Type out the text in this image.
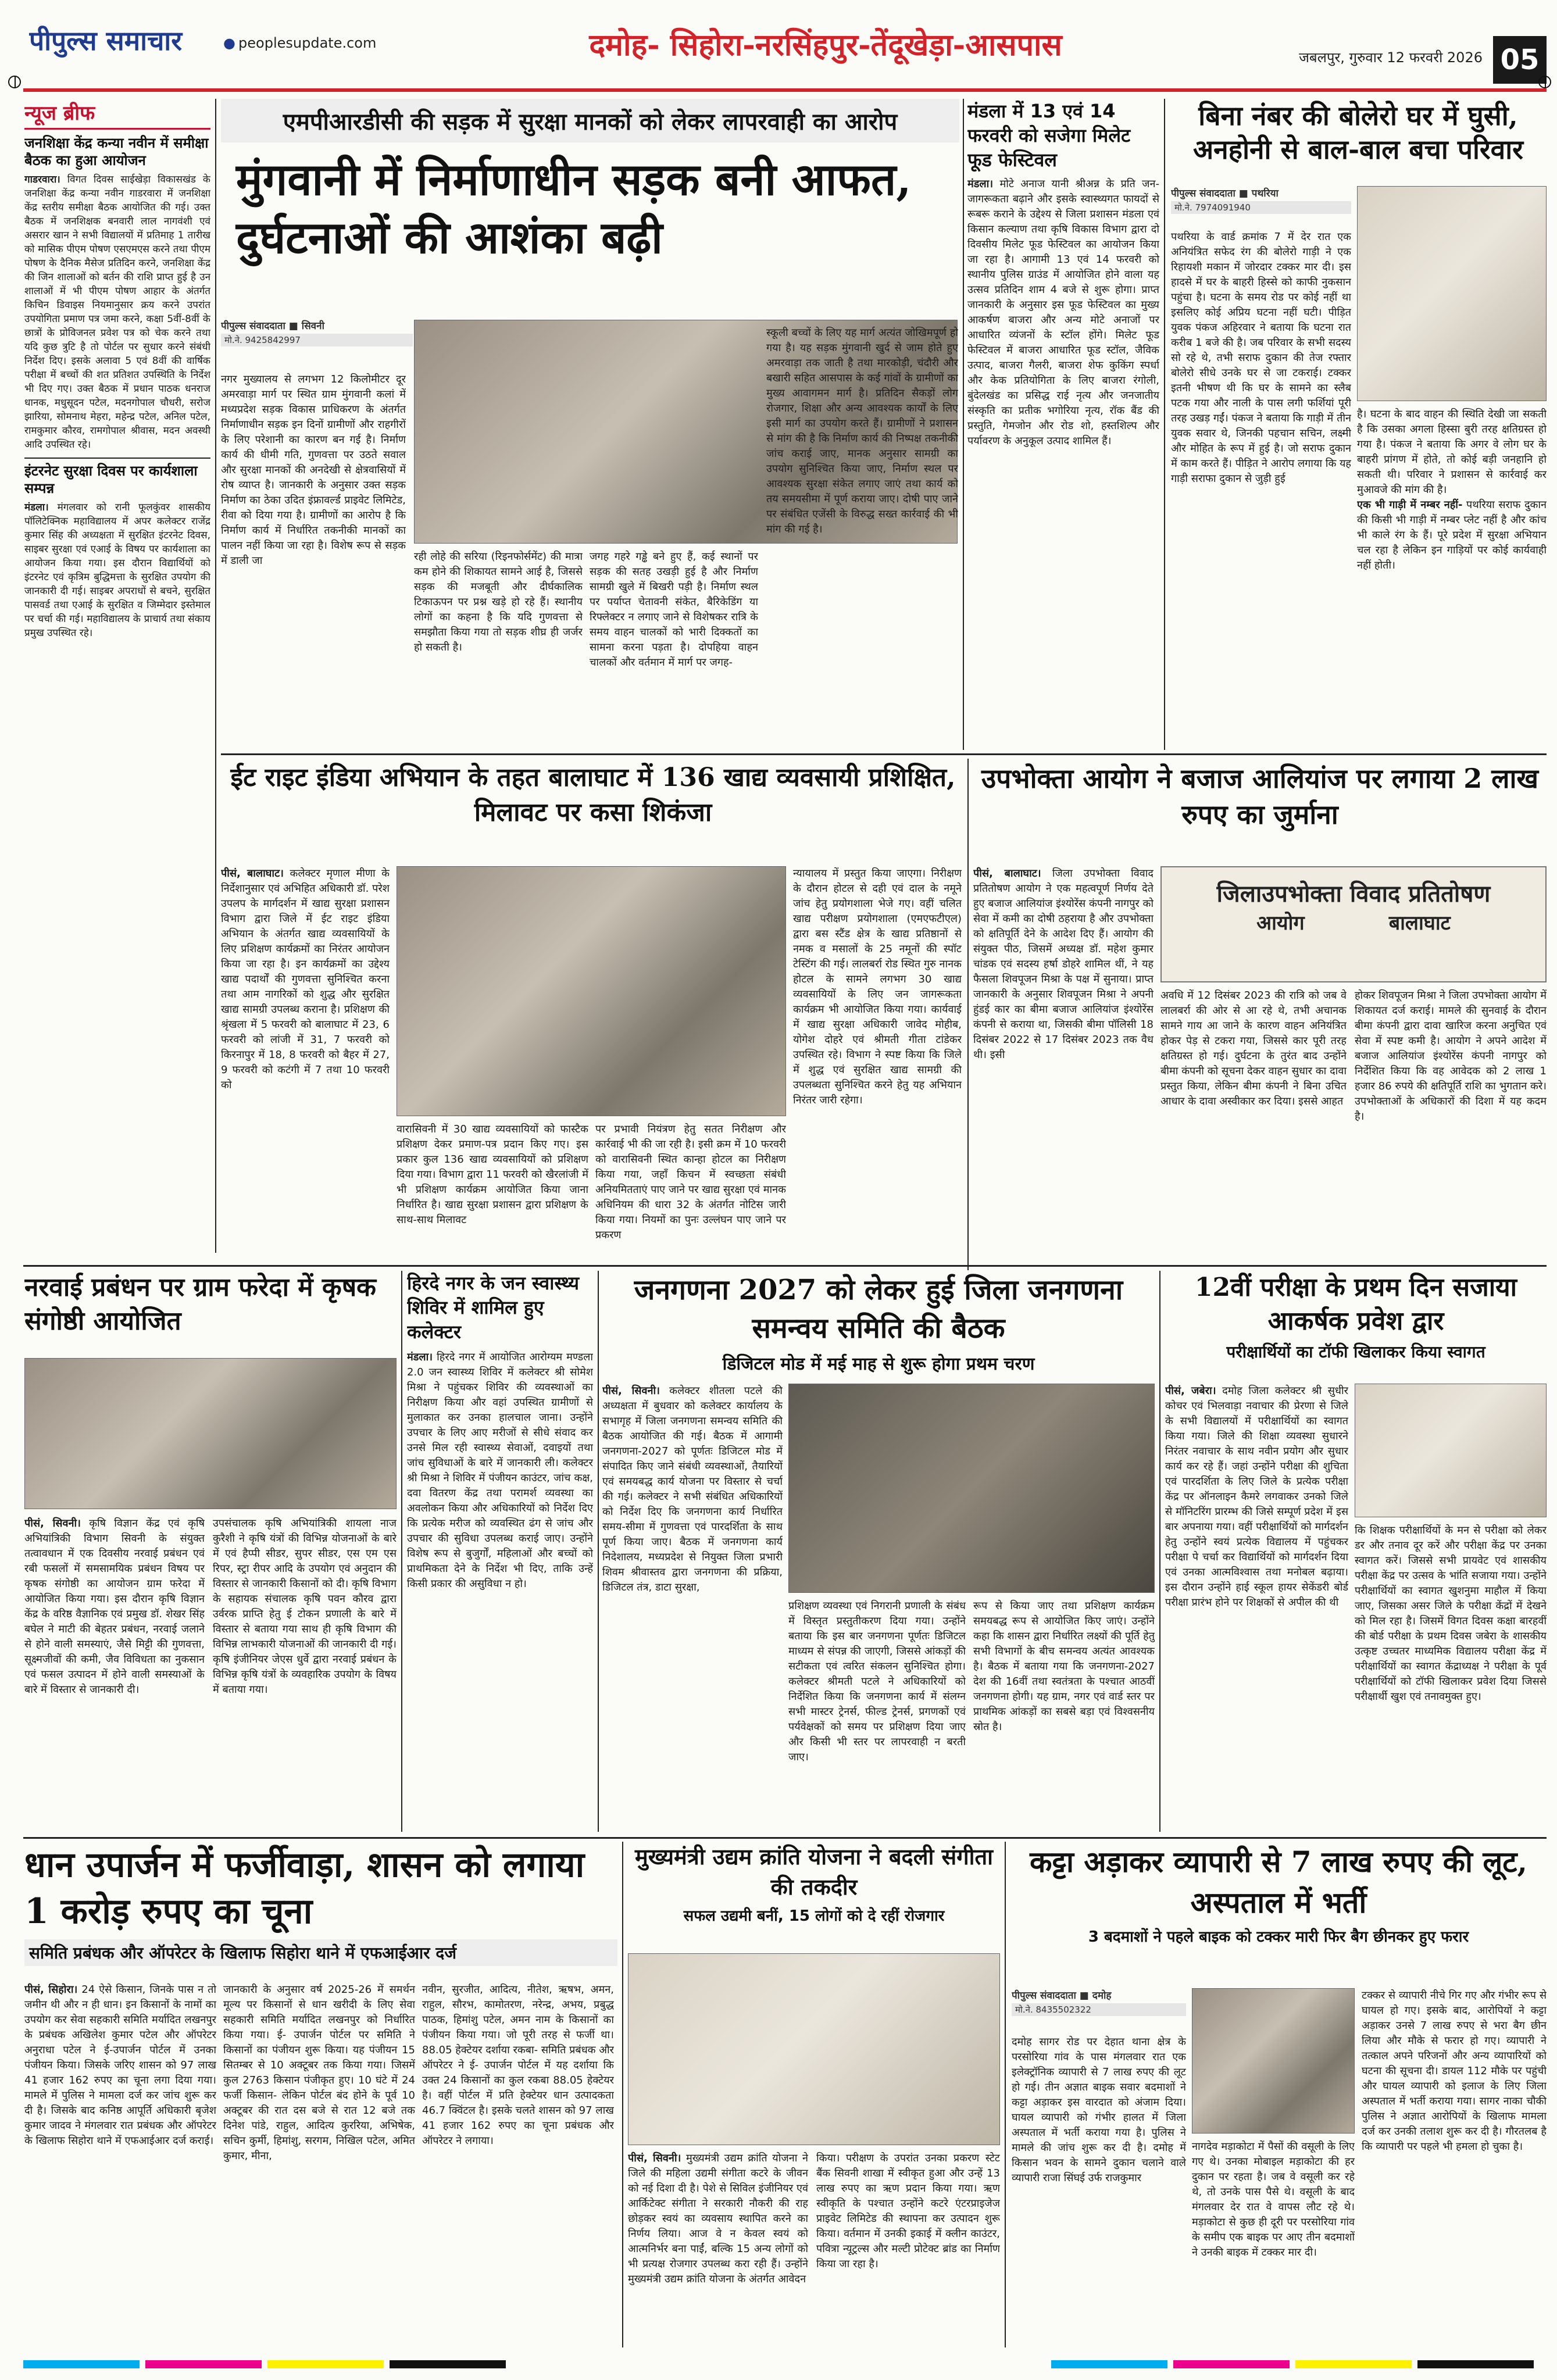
पीपुल्स समाचार	● peoplesupdate.com	दमोह- सिहोरा-नरसिंहपुर-तेंदूखेड़ा-आसपास	जबलपुर, गुरुवार 12 फरवरी 2026 05
न्यूज ब्रीफ
जनशिक्षा केंद्र कन्या नवीन में समीक्षा बैठक का हुआ आयोजन
गाडरवारा। विगत दिवस साईखेड़ा विकासखंड के जनशिक्षा केंद्र कन्या नवीन गाडरवारा में जनशिक्षा केंद्र स्तरीय समीक्षा बैठक आयोजित की गई। उक्त बैठक में जनशिक्षक बनवारी लाल नागवंशी एवं असरार खान ने सभी विद्यालयों में प्रतिमाह 1 तारीख को मासिक पीएम पोषण एसएमएस करने तथा पीएम पोषण के दैनिक मैसेज प्रतिदिन करने, जनशिक्षा केंद्र की जिन शालाओं को बर्तन की राशि प्राप्त हुई है उन शालाओं में भी पीएम पोषण आहार के अंतर्गत किचिन डिवाइस नियमानुसार क्रय करने उपरांत उपयोगिता प्रमाण पत्र जमा करने, कक्षा 5वीं-8वीं के छात्रों के प्रोविजनल प्रवेश पत्र को चेक करने तथा यदि कुछ त्रुटि है तो पोर्टल पर सुधार करने संबंधी निर्देश दिए। इसके अलावा 5 एवं 8वीं की वार्षिक परीक्षा में बच्चों की शत प्रतिशत उपस्थिति के निर्देश भी दिए गए। उक्त बैठक में प्रधान पाठक धनराज धानक, मधुसूदन पटेल, मदनगोपाल चौधरी, सरोज झारिया, सोमनाथ मेहरा, महेन्द्र पटेल, अनिल पटेल, रामकुमार कौरव, रामगोपाल श्रीवास, मदन अवस्थी आदि उपस्थित रहे।
इंटरनेट सुरक्षा दिवस पर कार्यशाला सम्पन्न
मंडला। मंगलवार को रानी फूलकुंवर शासकीय पॉलिटेक्निक महाविद्यालय में अपर कलेक्टर राजेंद्र कुमार सिंह की अध्यक्षता में सुरक्षित इंटरनेट दिवस, साइबर सुरक्षा एवं एआई के विषय पर कार्यशाला का आयोजन किया गया। इस दौरान विद्यार्थियों को इंटरनेट एवं कृत्रिम बुद्धिमत्ता के सुरक्षित उपयोग की जानकारी दी गई। साइबर अपराधों से बचने, सुरक्षित पासवर्ड तथा एआई के सुरक्षित व जिम्मेदार इस्तेमाल पर चर्चा की गई। महाविद्यालय के प्राचार्य तथा संकाय प्रमुख उपस्थित रहे।
एमपीआरडीसी की सड़क में सुरक्षा मानकों को लेकर लापरवाही का आरोप
मुंगवानी में निर्माणाधीन सड़क बनी आफत, दुर्घटनाओं की आशंका बढ़ी
पीपुल्स संवाददाता ■ सिवनी
मो.ने. 9425842997
नगर मुख्यालय से लगभग 12 किलोमीटर दूर अमरवाड़ा मार्ग पर स्थित ग्राम मुंगवानी कलां में मध्यप्रदेश सड़क विकास प्राधिकरण के अंतर्गत निर्माणाधीन सड़क इन दिनों ग्रामीणों और राहगीरों के लिए परेशानी का कारण बन गई है। निर्माण कार्य की धीमी गति, गुणवत्ता पर उठते सवाल और सुरक्षा मानकों की अनदेखी से क्षेत्रवासियों में रोष व्याप्त है। जानकारी के अनुसार उक्त सड़क निर्माण का ठेका उदित इंफ्रावर्ल्ड प्राइवेट लिमिटेड, रीवा को दिया गया है। ग्रामीणों का आरोप है कि निर्माण कार्य में निर्धारित तकनीकी मानकों का पालन नहीं किया जा रहा है। विशेष रूप से सड़क में डाली जा	रही लोहे की सरिया (रिइनफोर्समेंट) की मात्रा कम होने की शिकायत सामने आई है, जिससे सड़क की मजबूती और दीर्घकालिक टिकाऊपन पर प्रश्न खड़े हो रहे हैं। स्थानीय लोगों का कहना है कि यदि गुणवत्ता से समझौता किया गया तो सड़क शीघ्र ही जर्जर हो सकती है।
जगह गहरे गड्ढे बने हुए हैं, कई स्थानों पर सड़क की सतह उखड़ी हुई है और निर्माण सामग्री खुले में बिखरी पड़ी है। निर्माण स्थल पर पर्याप्त चेतावनी संकेत, बैरिकेडिंग या रिफ्लेक्टर न लगाए जाने से विशेषकर रात्रि के समय वाहन चालकों को भारी दिक्कतों का सामना करना पड़ता है। दोपहिया वाहन चालकों और वर्तमान में मार्ग पर जगह-
स्कूली बच्चों के लिए यह मार्ग अत्यंत जोखिमपूर्ण हो गया है। यह सड़क मुंगवानी खुर्द से जाम होते हुए अमरवाड़ा तक जाती है तथा मारकोड़ी, चंदौरी और बखारी सहित आसपास के कई गांवों के ग्रामीणों का मुख्य आवागमन मार्ग है। प्रतिदिन सैकड़ों लोग रोजगार, शिक्षा और अन्य आवश्यक कार्यों के लिए इसी मार्ग का उपयोग करते हैं। ग्रामीणों ने प्रशासन से मांग की है कि निर्माण कार्य की निष्पक्ष तकनीकी जांच कराई जाए, मानक अनुसार सामग्री का उपयोग सुनिश्चित किया जाए, निर्माण स्थल पर आवश्यक सुरक्षा संकेत लगाए जाएं तथा कार्य को तय समयसीमा में पूर्ण कराया जाए। दोषी पाए जाने पर संबंधित एजेंसी के विरुद्ध सख्त कार्रवाई की भी मांग की गई है।
मंडला में 13 एवं 14 फरवरी को सजेगा मिलेट फूड फेस्टिवल
मंडला। मोटे अनाज यानी श्रीअन्न के प्रति जन-जागरूकता बढ़ाने और इसके स्वास्थ्यगत फायदों से रूबरू कराने के उद्देश्य से जिला प्रशासन मंडला एवं किसान कल्याण तथा कृषि विकास विभाग द्वारा दो दिवसीय मिलेट फूड फेस्टिवल का आयोजन किया जा रहा है। आगामी 13 एवं 14 फरवरी को स्थानीय पुलिस ग्राउंड में आयोजित होने वाला यह उत्सव प्रतिदिन शाम 4 बजे से शुरू होगा। प्राप्त जानकारी के अनुसार इस फूड फेस्टिवल का मुख्य आकर्षण बाजरा और अन्य मोटे अनाजों पर आधारित व्यंजनों के स्टॉल होंगे। मिलेट फूड फेस्टिवल में बाजरा आधारित फूड स्टॉल, जैविक उत्पाद, बाजरा गैलरी, बाजरा शेफ कुकिंग स्पर्धा और केक प्रतियोगिता के लिए बाजरा रंगोली, बुंदेलखंड का प्रसिद्ध राई नृत्य और जनजातीय संस्कृति का प्रतीक भगोरिया नृत्य, रॉक बैंड की प्रस्तुति, गेमजोन और रोड शो, हस्तशिल्प और पर्यावरण के अनुकूल उत्पाद शामिल हैं।
बिना नंबर की बोलेरो घर में घुसी, अनहोनी से बाल-बाल बचा परिवार
पीपुल्स संवाददाता ■ पथरिया
मो.ने. 7974091940
पथरिया के वार्ड क्रमांक 7 में देर रात एक अनियंत्रित सफेद रंग की बोलेरो गाड़ी ने एक रिहायशी मकान में जोरदार टक्कर मार दी। इस हादसे में घर के बाहरी हिस्से को काफी नुकसान पहुंचा है। घटना के समय रोड पर कोई नहीं था इसलिए कोई अप्रिय घटना नहीं घटी। पीड़ित युवक पंकज अहिरवार ने बताया कि घटना रात करीब 1 बजे की है। जब परिवार के सभी सदस्य सो रहे थे, तभी सराफ दुकान की तेज रफ्तार बोलेरो सीधे उनके घर से जा टकराई। टक्कर इतनी भीषण थी कि घर के सामने का स्लैब पटक गया और नाली के पास लगी फर्शियां पूरी तरह उखड़ गईं। पंकज ने बताया कि गाड़ी में तीन युवक सवार थे, जिनकी पहचान सचिन, लक्ष्मी और मोहित के रूप में हुई है। जो सराफ दुकान में काम करते हैं। पीड़ित ने आरोप लगाया कि यह गाड़ी सराफा दुकान से जुड़ी हुई
है। घटना के बाद वाहन की स्थिति देखी जा सकती है कि उसका अगला हिस्सा बुरी तरह क्षतिग्रस्त हो गया है। पंकज ने बताया कि अगर वे लोग घर के बाहरी प्रांगण में होते, तो कोई बड़ी जनहानि हो सकती थी। परिवार ने प्रशासन से कार्रवाई कर मुआवजे की मांग की है।
एक भी गाड़ी में नम्बर नहीं- पथरिया सराफ दुकान की किसी भी गाड़ी में नम्बर प्लेट नहीं है और कांच भी काले रंग के हैं। पूरे प्रदेश में सुरक्षा अभियान चल रहा है लेकिन इन गाड़ियों पर कोई कार्यवाही नहीं होती।
ईट राइट इंडिया अभियान के तहत बालाघाट में 136 खाद्य व्यवसायी प्रशिक्षित, मिलावट पर कसा शिकंजा
पीसं, बालाघाट। कलेक्टर मृणाल मीणा के निर्देशानुसार एवं अभिहित अधिकारी डॉ. परेश उपलप के मार्गदर्शन में खाद्य सुरक्षा प्रशासन विभाग द्वारा जिले में ईट राइट इंडिया अभियान के अंतर्गत खाद्य व्यवसायियों के लिए प्रशिक्षण कार्यक्रमों का निरंतर आयोजन किया जा रहा है। इन कार्यक्रमों का उद्देश्य खाद्य पदार्थों की गुणवत्ता सुनिश्चित करना तथा आम नागरिकों को शुद्ध और सुरक्षित खाद्य सामग्री उपलब्ध कराना है। प्रशिक्षण की श्रृंखला में 5 फरवरी को बालाघाट में 23, 6 फरवरी को लांजी में 31, 7 फरवरी को किरनापुर में 18, 8 फरवरी को बैहर में 27, 9 फरवरी को कटंगी में 7 तथा 10 फरवरी को
वारासिवनी में 30 खाद्य व्यवसायियों को फास्टैक प्रशिक्षण देकर प्रमाण-पत्र प्रदान किए गए। इस प्रकार कुल 136 खाद्य व्यवसायियों को प्रशिक्षण दिया गया। विभाग द्वारा 11 फरवरी को खैरलांजी में भी प्रशिक्षण कार्यक्रम आयोजित किया जाना निर्धारित है। खाद्य सुरक्षा प्रशासन द्वारा प्रशिक्षण के साथ-साथ मिलावट
पर प्रभावी नियंत्रण हेतु सतत निरीक्षण और कार्रवाई भी की जा रही है। इसी क्रम में 10 फरवरी को वारासिवनी स्थित कान्हा होटल का निरीक्षण किया गया, जहाँ किचन में स्वच्छता संबंधी अनियमितताएं पाए जाने पर खाद्य सुरक्षा एवं मानक अधिनियम की धारा 32 के अंतर्गत नोटिस जारी किया गया। नियमों का पुनः उल्लंघन पाए जाने पर प्रकरण
न्यायालय में प्रस्तुत किया जाएगा। निरीक्षण के दौरान होटल से दही एवं दाल के नमूने जांच हेतु प्रयोगशाला भेजे गए। वहीं चलित खाद्य परीक्षण प्रयोगशाला (एमएफटीएल) द्वारा बस स्टैंड क्षेत्र के खाद्य प्रतिष्ठानों से नमक व मसालों के 25 नमूनों की स्पॉट टेस्टिंग की गई। लालबर्रा रोड स्थित गुरु नानक होटल के सामने लगभग 30 खाद्य व्यवसायियों के लिए जन जागरूकता कार्यक्रम भी आयोजित किया गया। कार्यवाई में खाद्य सुरक्षा अधिकारी जावेद मोहीब, योगेश दोहरे एवं श्रीमती गीता टांडेकर उपस्थित रहे। विभाग ने स्पष्ट किया कि जिले में शुद्ध एवं सुरक्षित खाद्य सामग्री की उपलब्धता सुनिश्चित करने हेतु यह अभियान निरंतर जारी रहेगा।
उपभोक्ता आयोग ने बजाज आलियांज पर लगाया 2 लाख रुपए का जुर्माना
पीसं, बालाघाट। जिला उपभोक्ता विवाद प्रतितोषण आयोग ने एक महत्वपूर्ण निर्णय देते हुए बजाज आलियांज इंश्योरेंस कंपनी नागपुर को सेवा में कमी का दोषी ठहराया है और उपभोक्ता को क्षतिपूर्ति देने के आदेश दिए हैं। आयोग की संयुक्त पीठ, जिसमें अध्यक्ष डॉ. महेश कुमार चांडक एवं सदस्य हर्षा डोहरे शामिल थीं, ने यह फैसला शिवपूजन मिश्रा के पक्ष में सुनाया। प्राप्त जानकारी के अनुसार शिवपूजन मिश्रा ने अपनी हुंडई कार का बीमा बजाज आलियांज इंश्योरेंस कंपनी से कराया था, जिसकी बीमा पॉलिसी 18 दिसंबर 2022 से 17 दिसंबर 2023 तक वैध थी। इसी
जिलाउपभोक्ता विवाद प्रतितोषण
आयोग	बालाघाट
अवधि में 12 दिसंबर 2023 की रात्रि को जब वे लालबर्रा की ओर से आ रहे थे, तभी अचानक सामने गाय आ जाने के कारण वाहन अनियंत्रित होकर पेड़ से टकरा गया, जिससे कार पूरी तरह क्षतिग्रस्त हो गई। दुर्घटना के तुरंत बाद उन्होंने बीमा कंपनी को सूचना देकर वाहन सुधार का दावा प्रस्तुत किया, लेकिन बीमा कंपनी ने बिना उचित आधार के दावा अस्वीकार कर दिया। इससे आहत
होकर शिवपूजन मिश्रा ने जिला उपभोक्ता आयोग में शिकायत दर्ज कराई। मामले की सुनवाई के दौरान बीमा कंपनी द्वारा दावा खारिज करना अनुचित एवं सेवा में स्पष्ट कमी है। आयोग ने अपने आदेश में बजाज आलियांज इंश्योरेंस कंपनी नागपुर को निर्देशित किया कि वह आवेदक को 2 लाख 1 हजार 86 रुपये की क्षतिपूर्ति राशि का भुगतान करे। उपभोक्ताओं के अधिकारों की दिशा में यह कदम है।
नरवाई प्रबंधन पर ग्राम फरेदा में कृषक संगोष्ठी आयोजित
पीसं, सिवनी। कृषि विज्ञान केंद्र एवं कृषि अभियांत्रिकी विभाग सिवनी के संयुक्त तत्वावधान में एक दिवसीय नरवाई प्रबंधन एवं रबी फसलों में समसामयिक प्रबंधन विषय पर कृषक संगोष्ठी का आयोजन ग्राम फरेदा में आयोजित किया गया। इस दौरान कृषि विज्ञान केंद्र के वरिष्ठ वैज्ञानिक एवं प्रमुख डॉ. शेखर सिंह बघेल ने माटी की बेहतर प्रबंधन, नरवाई जलाने से होने वाली समस्याएं, जैसे मिट्टी की गुणवत्ता, सूक्ष्मजीवों की कमी, जैव विविधता का नुकसान एवं फसल उत्पादन में होने वाली समस्याओं के बारे में विस्तार से जानकारी दी।
उपसंचालक कृषि अभियांत्रिकी शायला नाज कुरैशी ने कृषि यंत्रों की विभिन्न योजनाओं के बारे में एवं हैप्पी सीडर, सुपर सीडर, एस एम एस रिपर, स्ट्रा रीपर आदि के उपयोग एवं अनुदान की विस्तार से जानकारी किसानों को दी। कृषि विभाग के सहायक संचालक कृषि पवन कौरव द्वारा उर्वरक प्राप्ति हेतु ई टोकन प्रणाली के बारे में विस्तार से बताया गया साथ ही कृषि विभाग की विभिन्न लाभकारी योजनाओं की जानकारी दी गई। कृषि इंजीनियर जेएस धुर्वे द्वारा नरवाई प्रबंधन के विभिन्न कृषि यंत्रों के व्यवहारिक उपयोग के विषय में बताया गया।
हिरदे नगर के जन स्वास्थ्य शिविर में शामिल हुए कलेक्टर
मंडला। हिरदे नगर में आयोजित आरोग्यम मण्डला 2.0 जन स्वास्थ्य शिविर में कलेक्टर श्री सोमेश मिश्रा ने पहुंचकर शिविर की व्यवस्थाओं का निरीक्षण किया और वहां उपस्थित ग्रामीणों से मुलाकात कर उनका हालचाल जाना। उन्होंने उपचार के लिए आए मरीजों से सीधे संवाद कर उनसे मिल रही स्वास्थ्य सेवाओं, दवाइयों तथा जांच सुविधाओं के बारे में जानकारी ली। कलेक्टर श्री मिश्रा ने शिविर में पंजीयन काउंटर, जांच कक्ष, दवा वितरण केंद्र तथा परामर्श व्यवस्था का अवलोकन किया और अधिकारियों को निर्देश दिए कि प्रत्येक मरीज को व्यवस्थित ढंग से जांच और उपचार की सुविधा उपलब्ध कराई जाए। उन्होंने विशेष रूप से बुजुर्गों, महिलाओं और बच्चों को प्राथमिकता देने के निर्देश भी दिए, ताकि उन्हें किसी प्रकार की असुविधा न हो।
जनगणना 2027 को लेकर हुई जिला जनगणना समन्वय समिति की बैठक
डिजिटल मोड में मई माह से शुरू होगा प्रथम चरण
पीसं, सिवनी। कलेक्टर शीतला पटले की अध्यक्षता में बुधवार को कलेक्टर कार्यालय के सभागृह में जिला जनगणना समन्वय समिति की बैठक आयोजित की गई। बैठक में आगामी जनगणना-2027 को पूर्णतः डिजिटल मोड में संपादित किए जाने संबंधी व्यवस्थाओं, तैयारियों एवं समयबद्ध कार्य योजना पर विस्तार से चर्चा की गई। कलेक्टर ने सभी संबंधित अधिकारियों को निर्देश दिए कि जनगणना कार्य निर्धारित समय-सीमा में गुणवत्ता एवं पारदर्शिता के साथ पूर्ण किया जाए। बैठक में जनगणना कार्य निदेशालय, मध्यप्रदेश से नियुक्त जिला प्रभारी शिवम श्रीवास्तव द्वारा जनगणना की प्रक्रिया, डिजिटल तंत्र, डाटा सुरक्षा,
प्रशिक्षण व्यवस्था एवं निगरानी प्रणाली के संबंध में विस्तृत प्रस्तुतीकरण दिया गया। उन्होंने बताया कि इस बार जनगणना पूर्णतः डिजिटल माध्यम से संपन्न की जाएगी, जिससे आंकड़ों की सटीकता एवं त्वरित संकलन सुनिश्चित होगा। कलेक्टर श्रीमती पटले ने अधिकारियों को निर्देशित किया कि जनगणना कार्य में संलग्न सभी मास्टर ट्रेनर्स, फील्ड ट्रेनर्स, प्रगणकों एवं पर्यवेक्षकों को समय पर प्रशिक्षण दिया जाए और किसी भी स्तर पर लापरवाही न बरती जाए।
रूप से किया जाए तथा प्रशिक्षण कार्यक्रम समयबद्ध रूप से आयोजित किए जाएं। उन्होंने कहा कि शासन द्वारा निर्धारित लक्ष्यों की पूर्ति हेतु सभी विभागों के बीच समन्वय अत्यंत आवश्यक है। बैठक में बताया गया कि जनगणना-2027 देश की 16वीं तथा स्वतंत्रता के पश्चात आठवीं जनगणना होगी। यह ग्राम, नगर एवं वार्ड स्तर पर प्राथमिक आंकड़ों का सबसे बड़ा एवं विश्वसनीय स्रोत है।
12वीं परीक्षा के प्रथम दिन सजाया आकर्षक प्रवेश द्वार
परीक्षार्थियों का टॉफी खिलाकर किया स्वागत
पीसं, जबेरा। दमोह जिला कलेक्टर श्री सुधीर कोचर एवं भिलवाड़ा नवाचार की प्रेरणा से जिले के सभी विद्यालयों में परीक्षार्थियों का स्वागत किया गया। जिले की शिक्षा व्यवस्था सुधारने निरंतर नवाचार के साथ नवीन प्रयोग और सुधार कार्य कर रहे हैं। जहां उन्होंने परीक्षा की शुचिता एवं पारदर्शिता के लिए जिले के प्रत्येक परीक्षा केंद्र पर ऑनलाइन कैमरे लगवाकर उनको जिले से मॉनिटरिंग प्रारम्भ की जिसे सम्पूर्ण प्रदेश में इस बार अपनाया गया। वहीं परीक्षार्थियों को मार्गदर्शन हेतु उन्होंने स्वयं प्रत्येक विद्यालय में पहुंचकर परीक्षा पे चर्चा कर विद्यार्थियों को मार्गदर्शन दिया एवं उनका आत्मविश्वास तथा मनोबल बढ़ाया। इस दौरान उन्होंने हाई स्कूल हायर सेकेंडरी बोर्ड परीक्षा प्रारंभ होने पर शिक्षकों से अपील की थी
कि शिक्षक परीक्षार्थियों के मन से परीक्षा को लेकर डर और तनाव दूर करें और परीक्षा केंद्र पर उनका स्वागत करें। जिससे सभी प्रायवेट एवं शासकीय परीक्षा केंद्र पर उत्सव के भांति सजाया गया। उन्होंने परीक्षार्थियों का स्वागत खुशनुमा माहौल में किया जाए, जिसका असर जिले के परीक्षा केंद्रों में देखने को मिल रहा है। जिसमें विगत दिवस कक्षा बारहवीं की बोर्ड परीक्षा के प्रथम दिवस जबेरा के शासकीय उत्कृष्ट उच्चतर माध्यमिक विद्यालय परीक्षा केंद्र में परीक्षार्थियों का स्वागत केंद्राध्यक्ष ने परीक्षा के पूर्व परीक्षार्थियों को टॉफी खिलाकर प्रवेश दिया जिससे परीक्षार्थी खुश एवं तनावमुक्त हुए।
धान उपार्जन में फर्जीवाड़ा, शासन को लगाया 1 करोड़ रुपए का चूना
समिति प्रबंधक और ऑपरेटर के खिलाफ सिहोरा थाने में एफआईआर दर्ज
पीसं, सिहोरा। 24 ऐसे किसान, जिनके पास न तो जमीन थी और न ही धान। इन किसानों के नामों का उपयोग कर सेवा सहकारी समिति मर्यादित लखनपुर के प्रबंधक अखिलेश कुमार पटेल और ऑपरेटर अनुराधा पटेल ने ई-उपार्जन पोर्टल में उनका पंजीयन किया। जिसके जरिए शासन को 97 लाख 41 हजार 162 रुपए का चूना लगा दिया गया। मामले में पुलिस ने मामला दर्ज कर जांच शुरू कर दी है। जिसके बाद कनिष्ठ आपूर्ति अधिकारी बृजेश कुमार जादव ने मंगलवार रात प्रबंधक और ऑपरेटर के खिलाफ सिहोरा थाने में एफआईआर दर्ज कराई।
जानकारी के अनुसार वर्ष 2025-26 में समर्थन मूल्य पर किसानों से धान खरीदी के लिए सेवा सहकारी समिति मर्यादित लखनपुर को निर्धारित किया गया। ई- उपार्जन पोर्टल पर समिति ने किसानों का पंजीयन शुरू किया। यह पंजीयन 15 सितम्बर से 10 अक्टूबर तक किया गया। जिसमें कुल 2763 किसान पंजीकृत हुए। 10 घंटे में 24 फर्जी किसान- लेकिन पोर्टल बंद होने के पूर्व 10 अक्टूबर की रात दस बजे से रात 12 बजे तक दिनेश पांडे, राहुल, आदित्य कुररिया, अभिषेक, सचिन कुर्मी, हिमांशु, सरगम, निखिल पटेल, अमित कुमार, मीना,
नवीन, सुरजीत, आदित्य, नीतेश, ऋषभ, अमन, राहुल, सौरभ, कामोतरण, नरेन्द्र, अभय, प्रबुद्ध पाठक, हिमांशु पटेल, अमन नाम के किसानों का पंजीयन किया गया। जो पूरी तरह से फर्जी था। 88.05 हेक्टेयर दर्शाया रकबा- समिति प्रबंधक और ऑपरेटर ने ई- उपार्जन पोर्टल में यह दर्शाया कि उक्त 24 किसानों का कुल रकबा 88.05 हेक्टेयर है। वहीं पोर्टल में प्रति हेक्टेयर धान उत्पादकता 46.7 क्विंटल है। इसके चलते शासन को 97 लाख 41 हजार 162 रुपए का चूना प्रबंधक और ऑपरेटर ने लगाया।
मुख्यमंत्री उद्यम क्रांति योजना ने बदली संगीता की तकदीर
सफल उद्यमी बनीं, 15 लोगों को दे रहीं रोजगार
पीसं, सिवनी। मुख्यमंत्री उद्यम क्रांति योजना ने जिले की महिला उद्यमी संगीता कटरे के जीवन को नई दिशा दी है। पेशे से सिविल इंजीनियर एवं आर्किटेक्ट संगीता ने सरकारी नौकरी की राह छोड़कर स्वयं का व्यवसाय स्थापित करने का निर्णय लिया। आज वे न केवल स्वयं को आत्मनिर्भर बना पाईं, बल्कि 15 अन्य लोगों को भी प्रत्यक्ष रोजगार उपलब्ध करा रही हैं। उन्होंने मुख्यमंत्री उद्यम क्रांति योजना के अंतर्गत आवेदन
किया। परीक्षण के उपरांत उनका प्रकरण स्टेट बैंक सिवनी शाखा में स्वीकृत हुआ और उन्हें 13 लाख रुपए का ऋण प्रदान किया गया। ऋण स्वीकृति के पश्चात उन्होंने कटरे एंटरप्राइजेज प्राइवेट लिमिटेड की स्थापना कर उत्पादन शुरू किया। वर्तमान में उनकी इकाई में क्लीन काउंटर, पवित्रा न्यूट्रल्स और मल्टी प्रोटेक्ट ब्रांड का निर्माण किया जा रहा है।
कट्टा अड़ाकर व्यापारी से 7 लाख रुपए की लूट, अस्पताल में भर्ती
3 बदमाशों ने पहले बाइक को टक्कर मारी फिर बैग छीनकर हुए फरार
पीपुल्स संवाददाता ■ दमोह
मो.ने. 8435502322
दमोह सागर रोड पर देहात थाना क्षेत्र के परसोरिया गांव के पास मंगलवार रात एक इलेक्ट्रॉनिक व्यापारी से 7 लाख रुपए की लूट हो गई। तीन अज्ञात बाइक सवार बदमाशों ने कट्टा अड़ाकर इस वारदात को अंजाम दिया। घायल व्यापारी को गंभीर हालत में जिला अस्पताल में भर्ती कराया गया है। पुलिस ने मामले की जांच शुरू कर दी है। दमोह में किसान भवन के सामने दुकान चलाने वाले व्यापारी राजा सिंघई उर्फ राजकुमार
नागदेव मड़ाकोटा में पैसों की वसूली के लिए गए थे। उनका मोबाइल मड़ाकोटा की हर दुकान पर रहता है। जब वे वसूली कर रहे थे, तो उनके पास पैसे थे। वसूली के बाद मंगलवार देर रात वे वापस लौट रहे थे। मड़ाकोटा से कुछ ही दूरी पर परसोरिया गांव के समीप एक बाइक पर आए तीन बदमाशों ने उनकी बाइक में टक्कर मार दी।
टक्कर से व्यापारी नीचे गिर गए और गंभीर रूप से घायल हो गए। इसके बाद, आरोपियों ने कट्टा अड़ाकर उनसे 7 लाख रुपए से भरा बैग छीन लिया और मौके से फरार हो गए। व्यापारी ने तत्काल अपने परिजनों और अन्य व्यापारियों को घटना की सूचना दी। डायल 112 मौके पर पहुंची और घायल व्यापारी को इलाज के लिए जिला अस्पताल में भर्ती कराया गया। सागर नाका चौकी पुलिस ने अज्ञात आरोपियों के खिलाफ मामला दर्ज कर उनकी तलाश शुरू कर दी है। गौरतलब है कि व्यापारी पर पहले भी हमला हो चुका है।
